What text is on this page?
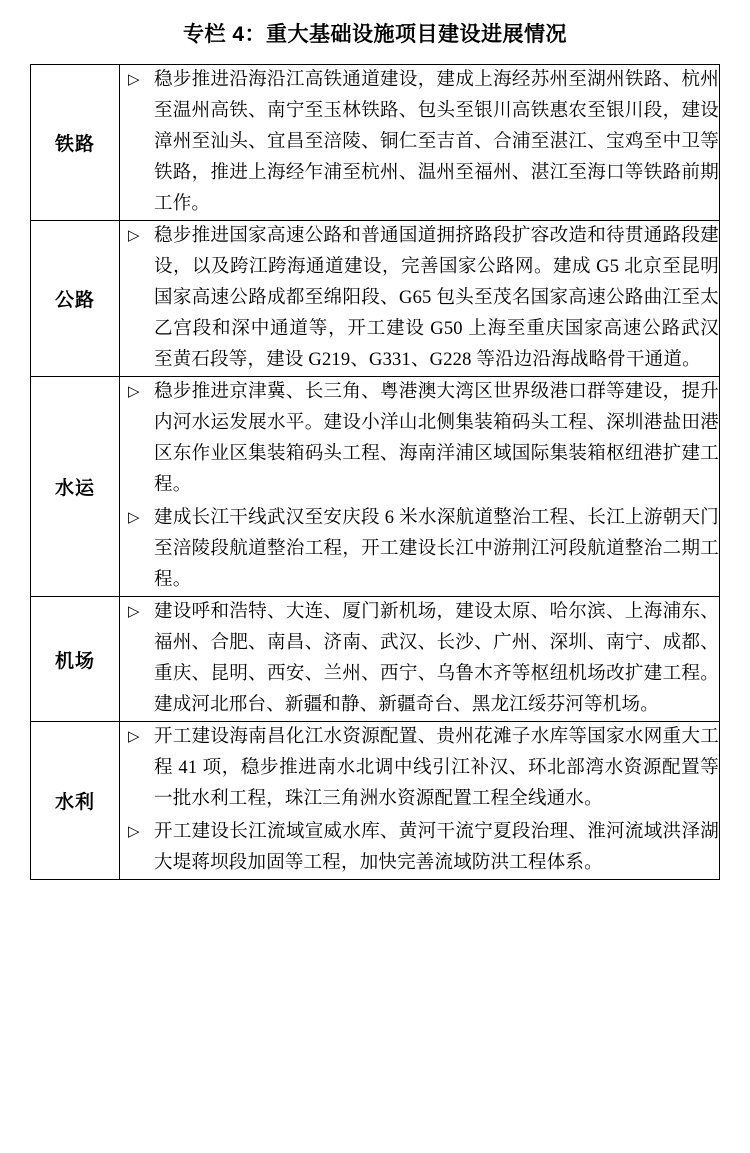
专栏 4：重大基础设施项目建设进展情况
铁路	▷ 稳步推进沿海沿江高铁通道建设，建成上海经苏州至湖州铁路、杭州至温州高铁、南宁至玉林铁路、包头至银川高铁惠农至银川段，建设漳州至汕头、宜昌至涪陵、铜仁至吉首、合浦至湛江、宝鸡至中卫等铁路，推进上海经乍浦至杭州、温州至福州、湛江至海口等铁路前期工作。

公路	▷ 稳步推进国家高速公路和普通国道拥挤路段扩容改造和待贯通路段建设，以及跨江跨海通道建设，完善国家公路网。建成 G5 北京至昆明国家高速公路成都至绵阳段、G65 包头至茂名国家高速公路曲江至太乙宫段和深中通道等，开工建设 G50 上海至重庆国家高速公路武汉至黄石段等，建设 G219、G331、G228 等沿边沿海战略骨干通道。

水运	▷ 稳步推进京津冀、长三角、粤港澳大湾区世界级港口群等建设，提升内河水运发展水平。建设小洋山北侧集装箱码头工程、深圳港盐田港区东作业区集装箱码头工程、海南洋浦区域国际集装箱枢纽港扩建工程。
▷ 建成长江干线武汉至安庆段 6 米水深航道整治工程、长江上游朝天门至涪陵段航道整治工程，开工建设长江中游荆江河段航道整治二期工程。

机场	▷ 建设呼和浩特、大连、厦门新机场，建设太原、哈尔滨、上海浦东、福州、合肥、南昌、济南、武汉、长沙、广州、深圳、南宁、成都、重庆、昆明、西安、兰州、西宁、乌鲁木齐等枢纽机场改扩建工程。建成河北邢台、新疆和静、新疆奇台、黑龙江绥芬河等机场。

水利	▷ 开工建设海南昌化江水资源配置、贵州花滩子水库等国家水网重大工程 41 项，稳步推进南水北调中线引江补汉、环北部湾水资源配置等一批水利工程，珠江三角洲水资源配置工程全线通水。
▷ 开工建设长江流域宣威水库、黄河干流宁夏段治理、淮河流域洪泽湖大堤蒋坝段加固等工程，加快完善流域防洪工程体系。
